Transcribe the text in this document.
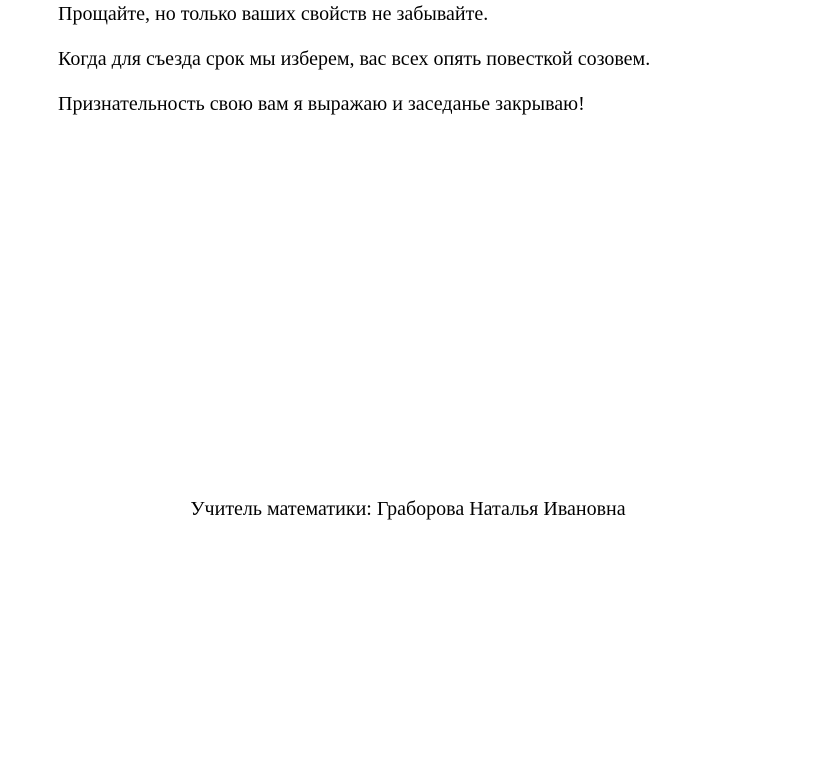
Прощайте, но только ваших свойств не забывайте.

Когда для съезда срок мы изберем, вас всех опять повесткой созовем.

Признательность свою вам я выражаю и заседанье закрываю!

Учитель математики: Граборова Наталья Ивановна
